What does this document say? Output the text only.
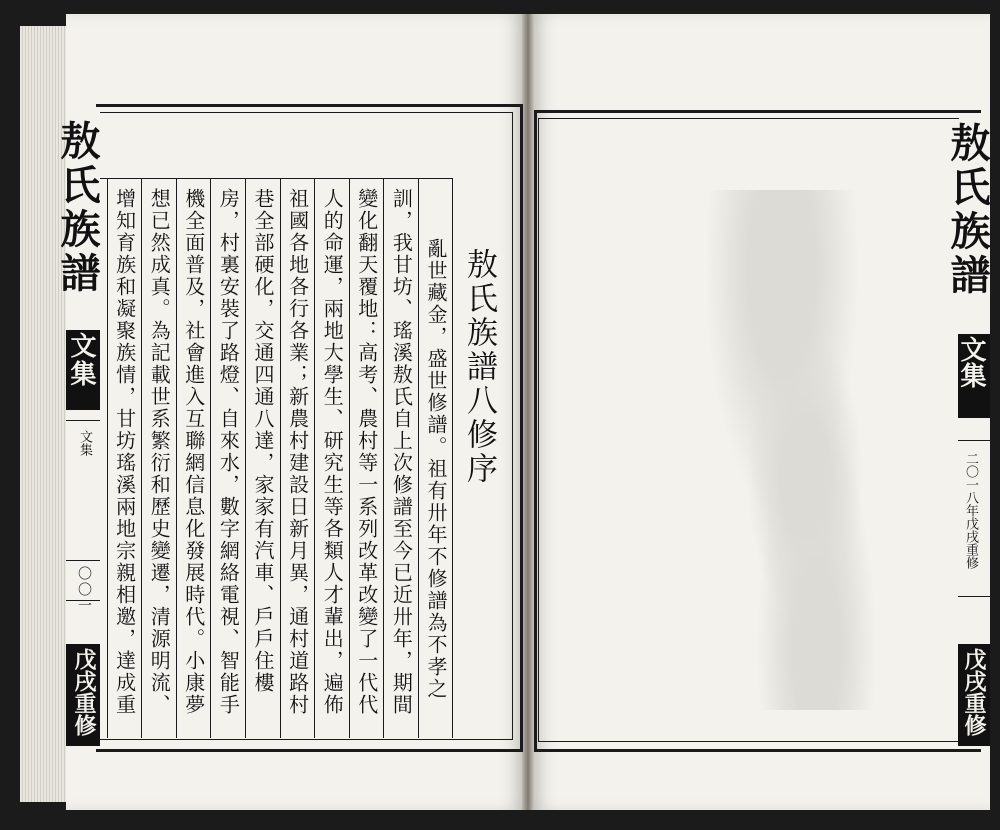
敖氏族譜八修序
亂世藏金，盛世修譜。祖有卅年不修譜為不孝之
訓，我甘坊、瑤溪敖氏自上次修譜至今已近卅年，期間
變化翻天覆地：高考、農村等一系列改革改變了一代代
人的命運，兩地大學生、研究生等各類人才輩出，遍佈
祖國各地各行各業；新農村建設日新月異，通村道路村
巷全部硬化，交通四通八達，家家有汽車、戶戶住樓
房，村裏安裝了路燈、自來水，數字網絡電視、智能手
機全面普及，社會進入互聯網信息化發展時代。小康夢
想已然成真。為記載世系繁衍和歷史變遷，清源明流、
增知育族和凝聚族情，甘坊瑤溪兩地宗親相邀，達成重
敖氏族譜
文集
文集
〇〇一
戊戌重修
敖氏族譜
文集
二〇一八年戊戌重修
戊戌重修
